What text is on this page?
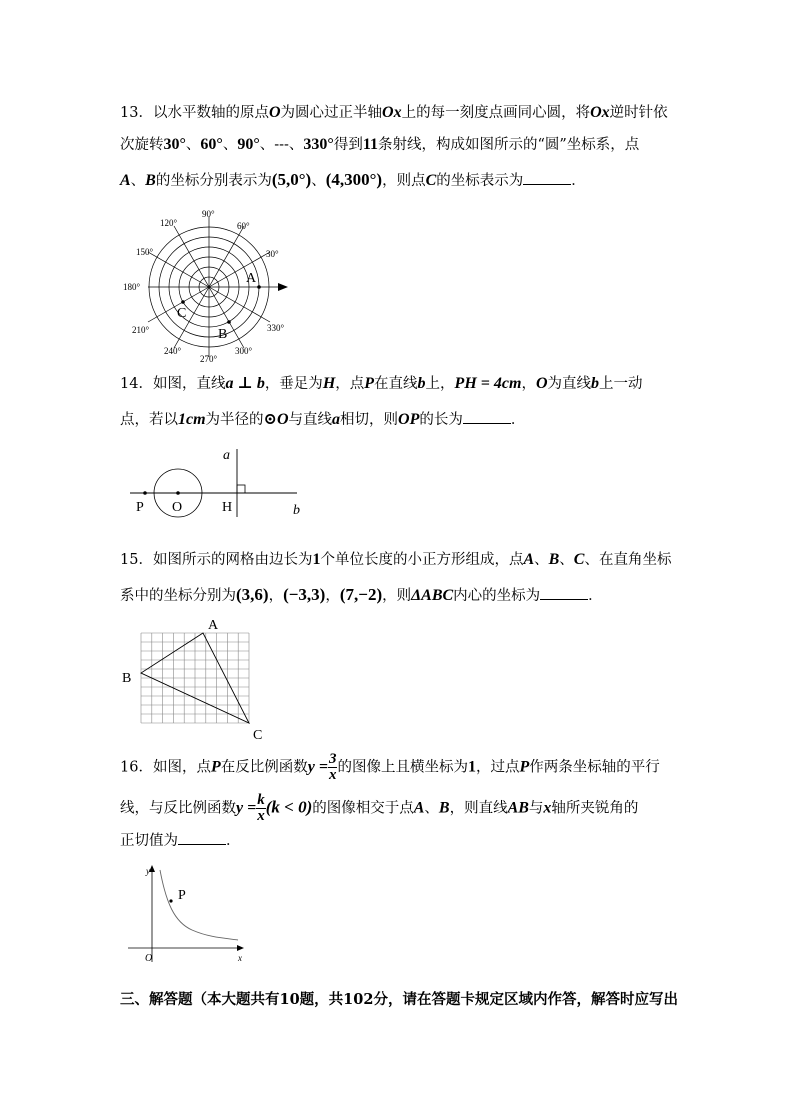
13．以水平数轴的原点O为圆心过正半轴Ox上的每一刻度点画同心圆，将Ox逆时针依
次旋转30°、60°、90°、---、330°得到11条射线，构成如图所示的“圆”坐标系，点
A、B的坐标分别表示为(5,0°)、(4,300°)，则点C的坐标表示为	．
90°
120°	60°
150°	30°
180°
210°	330°
240°	300°
270°
A
B
C
14．如图，直线a ⊥ b，垂足为H，点P在直线b上，PH = 4cm，O为直线b上一动
点，若以1cm为半径的⊙O与直线a相切，则OP的长为	．
a
b
P O	H
15．如图所示的网格由边长为1个单位长度的小正方形组成，点A、B、C、在直角坐标
系中的坐标分别为(3,6)，(−3,3)，(7,−2)，则ΔABC内心的坐标为	．
A
B
C
16．如图，点P在反比例函数$y = \frac{3}{x}$ 的图像上且横坐标为1，过点P作两条坐标轴的平行
线，与反比例函数$y = \frac{k}{x} (k < 0)$的图像相交于点A、B，则直线AB与x轴所夹锐角的
正切值为	．
y
x
O
P
三、解答题（本大题共有10题，共102分，请在答题卡规定区域内作答，解答时应写出
